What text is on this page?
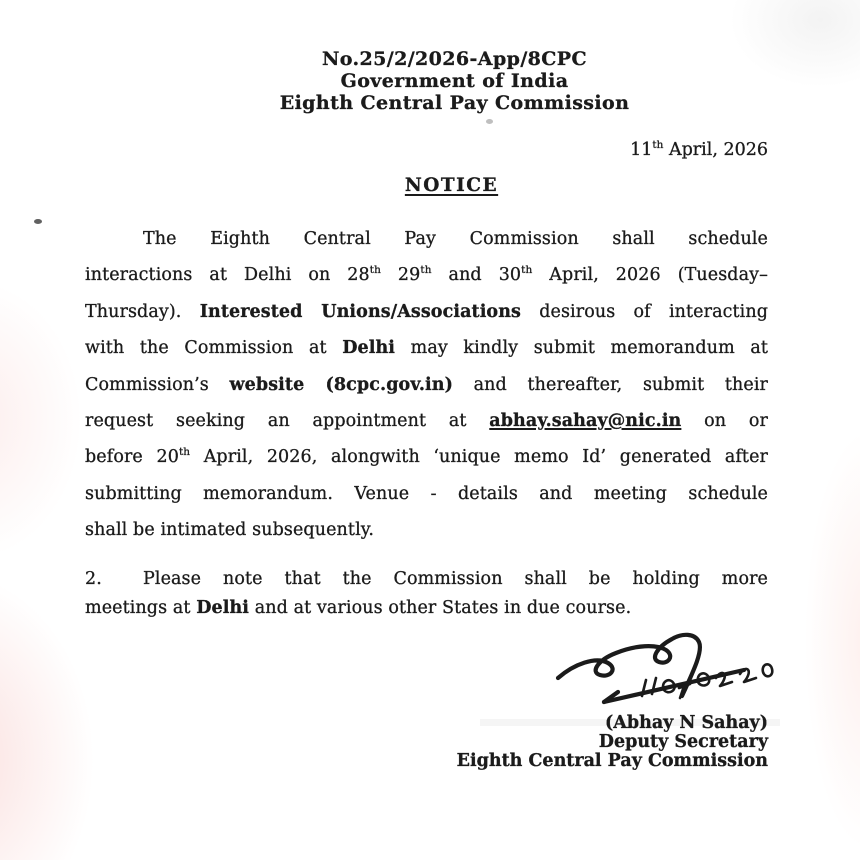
No.25/2/2026-App/8CPC
Government of India
Eighth Central Pay Commission
11th April, 2026
NOTICE
The Eighth Central Pay Commission shall schedule
interactions at Delhi on 28th 29th and 30th April, 2026 (Tuesday–
Thursday). Interested Unions/Associations desirous of interacting
with the Commission at Delhi may kindly submit memorandum at
Commission’s website (8cpc.gov.in) and thereafter, submit their
request seeking an appointment at abhay.sahay@nic.in on or
before 20th April, 2026, alongwith ‘unique memo Id’ generated after
submitting memorandum. Venue - details and meeting schedule
shall be intimated subsequently.
2. Please note that the Commission shall be holding more
meetings at Delhi and at various other States in due course.
(Abhay N Sahay)
Deputy Secretary
Eighth Central Pay Commission
